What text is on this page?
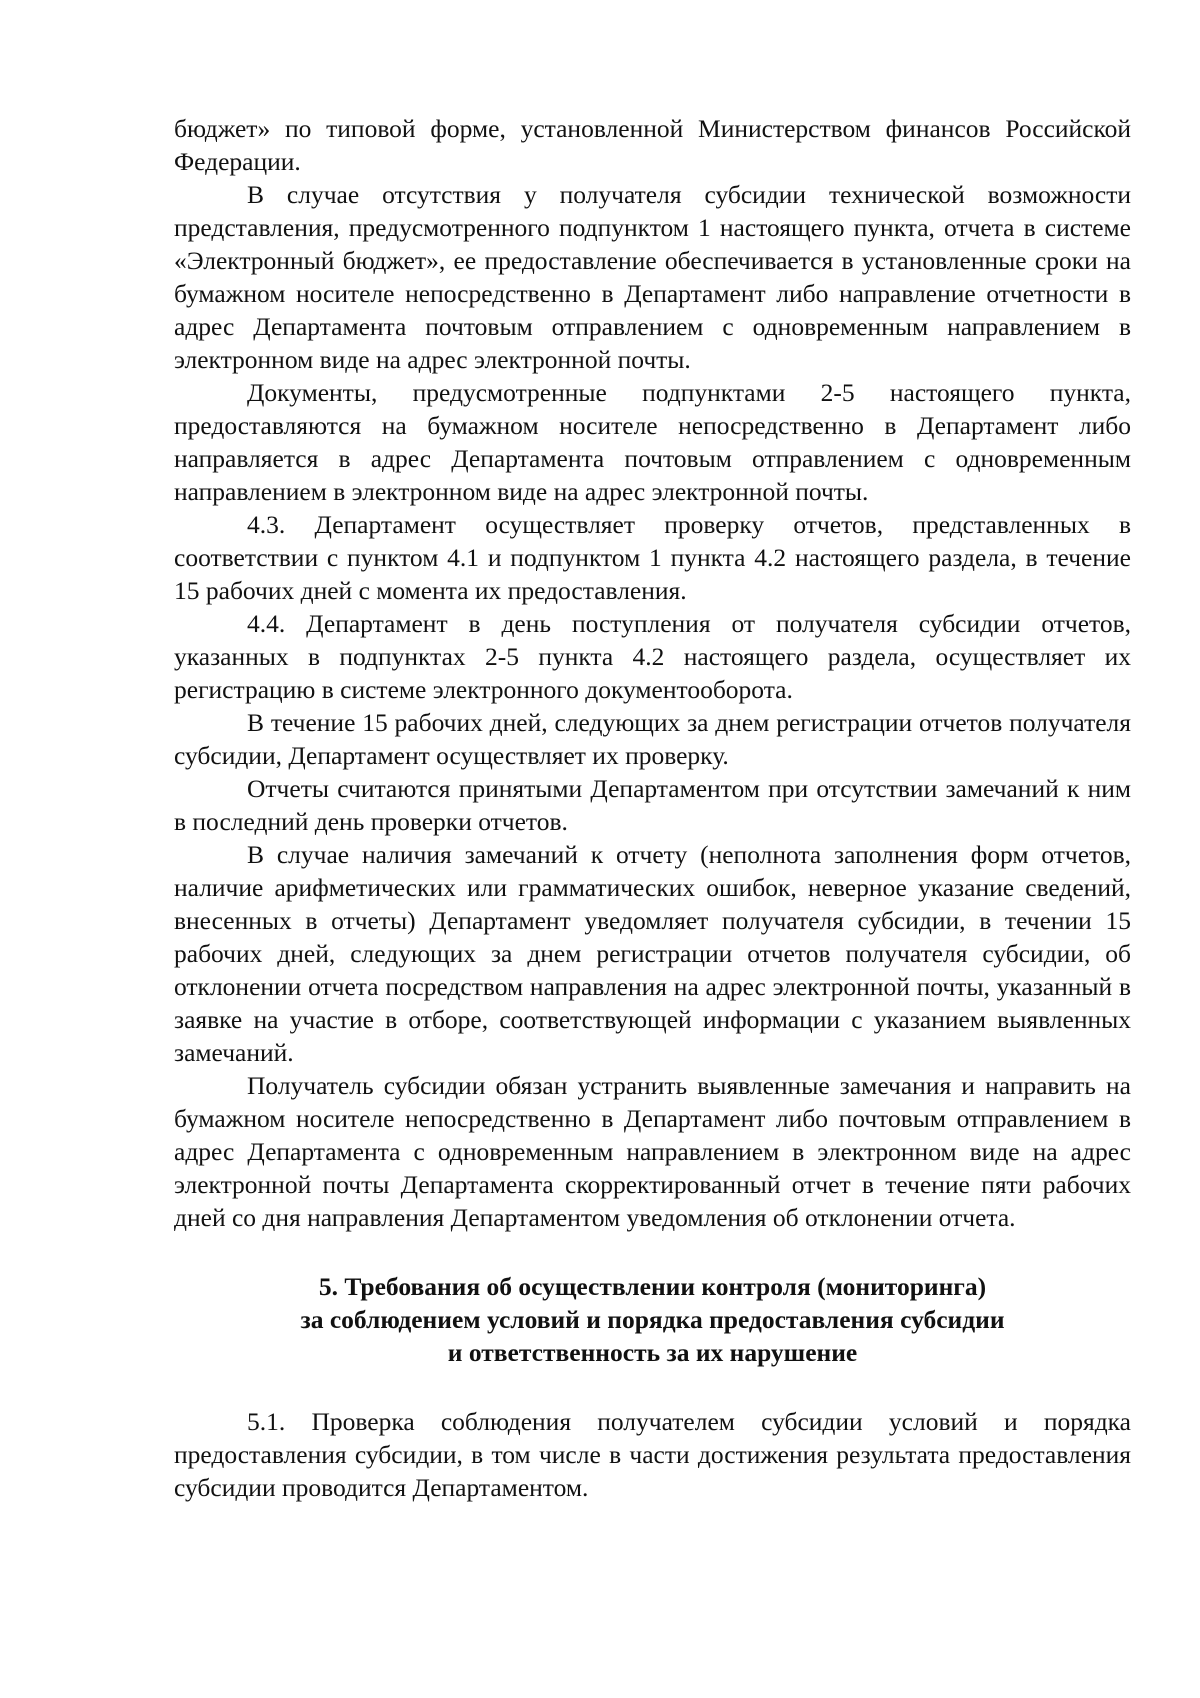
бюджет» по типовой форме, установленной Министерством финансов Российской Федерации.

В случае отсутствия у получателя субсидии технической возможности представления, предусмотренного подпунктом 1 настоящего пункта, отчета в системе «Электронный бюджет», ее предоставление обеспечивается в установленные сроки на бумажном носителе непосредственно в Департамент либо направление отчетности в адрес Департамента почтовым отправлением с одновременным направлением в электронном виде на адрес электронной почты.

Документы, предусмотренные подпунктами 2-5 настоящего пункта, предоставляются на бумажном носителе непосредственно в Департамент либо направляется в адрес Департамента почтовым отправлением с одновременным направлением в электронном виде на адрес электронной почты.

4.3. Департамент осуществляет проверку отчетов, представленных в соответствии с пунктом 4.1 и подпунктом 1 пункта 4.2 настоящего раздела, в течение 15 рабочих дней с момента их предоставления.

4.4. Департамент в день поступления от получателя субсидии отчетов, указанных в подпунктах 2-5 пункта 4.2 настоящего раздела, осуществляет их регистрацию в системе электронного документооборота.

В течение 15 рабочих дней, следующих за днем регистрации отчетов получателя субсидии, Департамент осуществляет их проверку.

Отчеты считаются принятыми Департаментом при отсутствии замечаний к ним в последний день проверки отчетов.

В случае наличия замечаний к отчету (неполнота заполнения форм отчетов, наличие арифметических или грамматических ошибок, неверное указание сведений, внесенных в отчеты) Департамент уведомляет получателя субсидии, в течении 15 рабочих дней, следующих за днем регистрации отчетов получателя субсидии, об отклонении отчета посредством направления на адрес электронной почты, указанный в заявке на участие в отборе, соответствующей информации с указанием выявленных замечаний.

Получатель субсидии обязан устранить выявленные замечания и направить на бумажном носителе непосредственно в Департамент либо почтовым отправлением в адрес Департамента с одновременным направлением в электронном виде на адрес электронной почты Департамента скорректированный отчет в течение пяти рабочих дней со дня направления Департаментом уведомления об отклонении отчета.

5. Требования об осуществлении контроля (мониторинга)
за соблюдением условий и порядка предоставления субсидии
и ответственность за их нарушение

5.1. Проверка соблюдения получателем субсидии условий и порядка предоставления субсидии, в том числе в части достижения результата предоставления субсидии проводится Департаментом.
